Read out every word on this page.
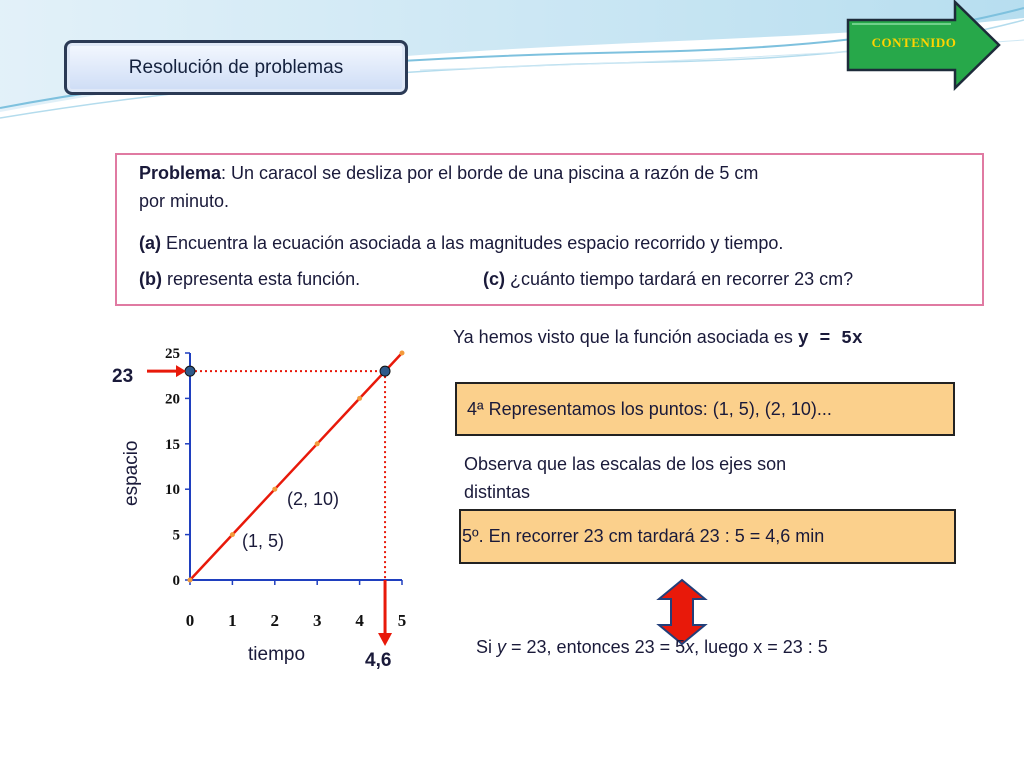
Resolución de problemas
CONTENIDO
Problema: Un caracol se desliza por el borde de una piscina a razón de 5 cm
por minuto.
(a) Encuentra la ecuación asociada a las magnitudes espacio recorrido y tiempo.
(b) representa esta función.	(c) ¿cuánto tiempo tardará en recorrer 23 cm?
Ya hemos visto que la función asociada es y = 5x
4ª Representamos los puntos: (1, 5), (2, 10)...
Observa que las escalas de los ejes son
distintas
5º. En recorrer 23 cm tardará 23 : 5 = 4,6 min
Si y = 23, entonces 23 = 5x, luego x = 23 : 5
0
5
10
15
20
25
0 1 2 3 4 5
espacio
tiempo
23
4,6
(1, 5)
(2, 10)
